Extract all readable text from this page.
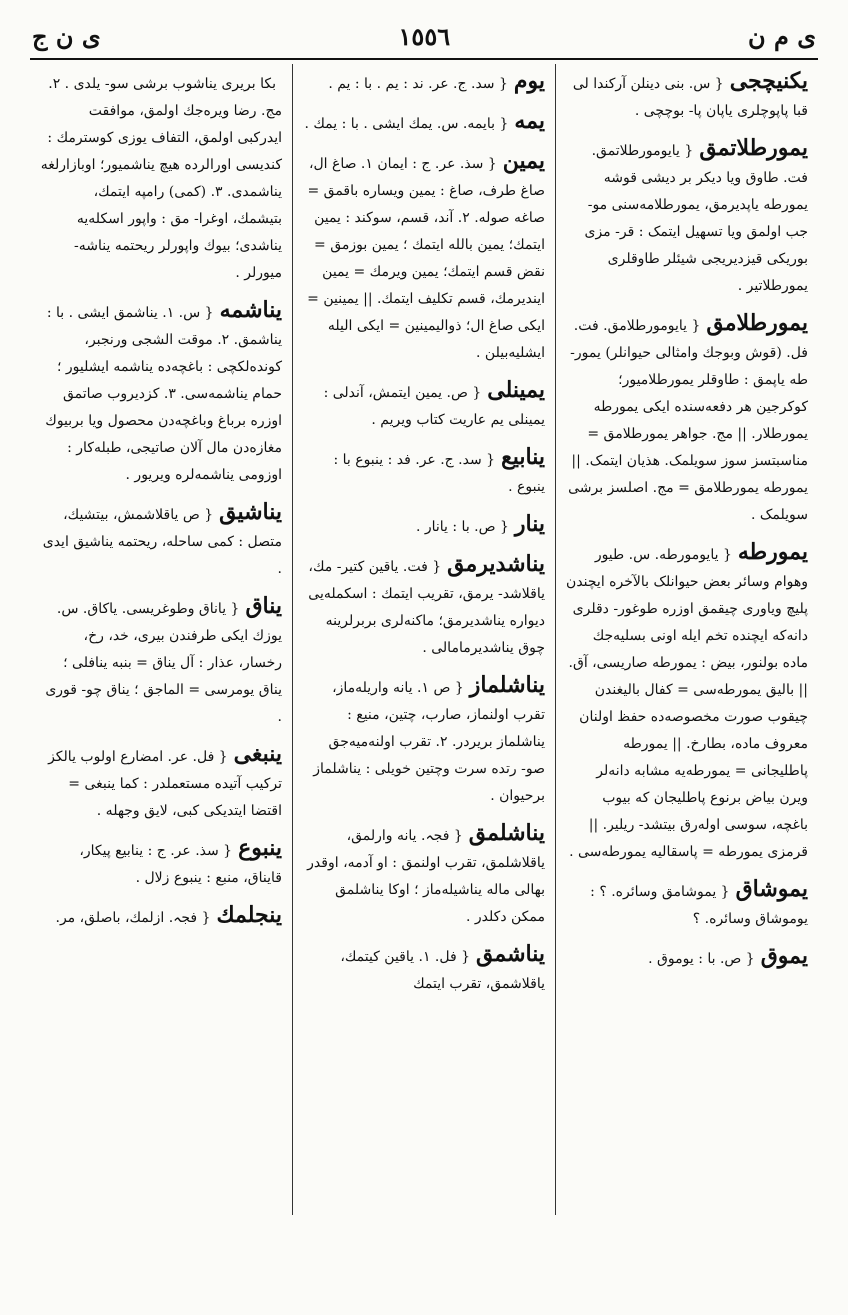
ی ن ج	١٥٥٦	ی م ن
یکنیچجی{ س. بنی دینلن آرکندا لی قبا پاپوچلری یاپان پا- بوچچی .
یمورطلاتمق{ یایومورطلاتمق. فت. طاوق ویا دیکر بر دیشی قوشه یمورطه یاپدیرمق، یمورطلامه‌سنی مو- جب اولمق ویا تسهیل ایتمک : قر- مزی بوریکی قیزدیریجی شیئلر طاوقلری یمورطلاتیر .
یمورطلامق{ یایومورطلامق. فت. فل. (قوش وبوجك وامثالی حیوانلر) یمور- طه یاپمق : طاوقلر یمورطلامیور؛ کوکرجین هر دفعه‌سنده ایکی یمورطه یمورطلار. || مج. جواهر یمورطلامق = مناسبتسز سوز سویلمک. هذیان ایتمک. || یمورطه یمورطلامق = مج. اصلسز برشی سویلمک .
یمورطه{ یایومورطه. س. طیور وهوام وسائر بعض حیوانلک بالآخره ایچندن پلیچ ویاوری چیقمق اوزره طوغور- دقلری دانه‌که ایچنده تخم ایله اونی بسلیه‌جك ماده بولنور، بیض : یمورطه صاریسی، آق. || بالیق یمورطه‌سی = کفال بالیغندن چیقوب صورت مخصوصه‌ده حفظ اولنان معروف ماده، بطارخ. || یمورطه پاطلیجانی = یمورطه‌یه مشابه دانه‌لر ویرن بیاض برنوع پاطلیجان که بیوب باغچه، سوسی اوله‌رق بیتشد- ریلیر. || قرمزی یمورطه = پاسقالیه یمورطه‌سی .
یموشاق{ یموشامق وسائره. ؟ : یوموشاق وسائره. ؟
یموق{ ص. با : یوموق .
یوم{ سد. ج. عر. ند : یم . با : یم .
یمه{ بایمه. س. یمك ایشی . با : یمك .
یمین{ سذ. عر. ج : ایمان ١. صاغ ال، صاغ طرف، صاغ : یمین ویساره باقمق = صاغه صوله. ٢. آند، قسم، سوکند : یمین ایتمك؛ یمین بالله ایتمك ؛ یمین بوزمق = نقض قسم ایتمك؛ یمین ویرمك = یمین ایندیرمك، قسم تکلیف ایتمك. || یمینین = ایکی صاغ ال؛ ذوالیمینین = ایکی الیله ایشلیه‌بیلن .
یمینلی{ ص. یمین ایتمش، آندلی : یمینلی یم عاریت کتاب ویریم .
ینابیع{ سد. ج. عر. فد : ینبوع با : ینبوع .
ینار{ ص. با : یانار .
یناشدیرمق{ فت. یاقین کتیر- مك، یاقلاشد- یرمق، تقریب ایتمك : اسکمله‌یی دیواره یناشدیرمق؛ ماکنه‌لری بربرلرینه چوق یناشدیرمامالی .
یناشلماز{ ص ١. یانه واریله‌ماز، تقرب اولنماز، صارب، چتین، منیع : یناشلماز بریردر. ٢. تقرب اولنه‌میه‌جق صو- رتده سرت وچتین خویلی : یناشلماز برحیوان .
یناشلمق{ فجہ. یانه وارلمق، یاقلاشلمق، تقرب اولنمق : او آدمه، اوقدر بهالی ماله یناشیله‌ماز ؛ اوکا یناشلمق ممکن دکلدر .
یناشمق{ فل. ١. یاقین کیتمك، یاقلاشمق، تقرب ایتمك
بکا بریری یناشوب برشی سو- یلدی . ٢. مج. رضا ویره‌جك اولمق، موافقت ایدرکبی اولمق، التفاف یوزی کوسترمك : کندیسی اورالرده هیچ یناشمیور؛ اوبازارلغه یناشمدی. ٣. (کمی) رامپه ایتمك، بتیشمك، اوغرا- مق : واپور اسکله‌یه یناشدی؛ بیوك واپورلر ریحتمه یناشه- میورلر .
یناشمه{ س. ١. یناشمق ایشی . با : یناشمق. ٢. موقت الشجی ورنجبر، کونده‌لکچی : باغچه‌ده یناشمه ایشلیور ؛ حمام یناشمه‌سی. ٣. کزدیروب صاتمق اوزره برباغ وباغچه‌دن محصول ویا بربیوك مغازه‌دن مال آلان صاتیجی، طبله‌کار : اوزومی یناشمه‌لره ویریور .
یناشیق{ ص یاقلاشمش، بیتشیك، متصل : کمی ساحله، ریحتمه یناشیق ایدی .
یناق{ یاناق وطوغریسی. یاکاق. س. یوزك ایکی طرفندن بیری، خد، رخ، رخسار، عذار : آل یناق = بنبه ینافلی ؛ یناق یومرسی = الماجق ؛ یناق چو- قوری .
ینبغی{ فل. عر. امضارع اولوب یالکز ترکیب آتیده مستعملدر : کما ینبغی = اقتضا ایتدیکی کبی، لایق وجهله .
ینبوع{ سذ. عر. ج : ینابیع پیکار، قایناق، منبع : ینبوع زلال .
ینجلمك{ فجہ. ازلمك، باصلق، مر.
